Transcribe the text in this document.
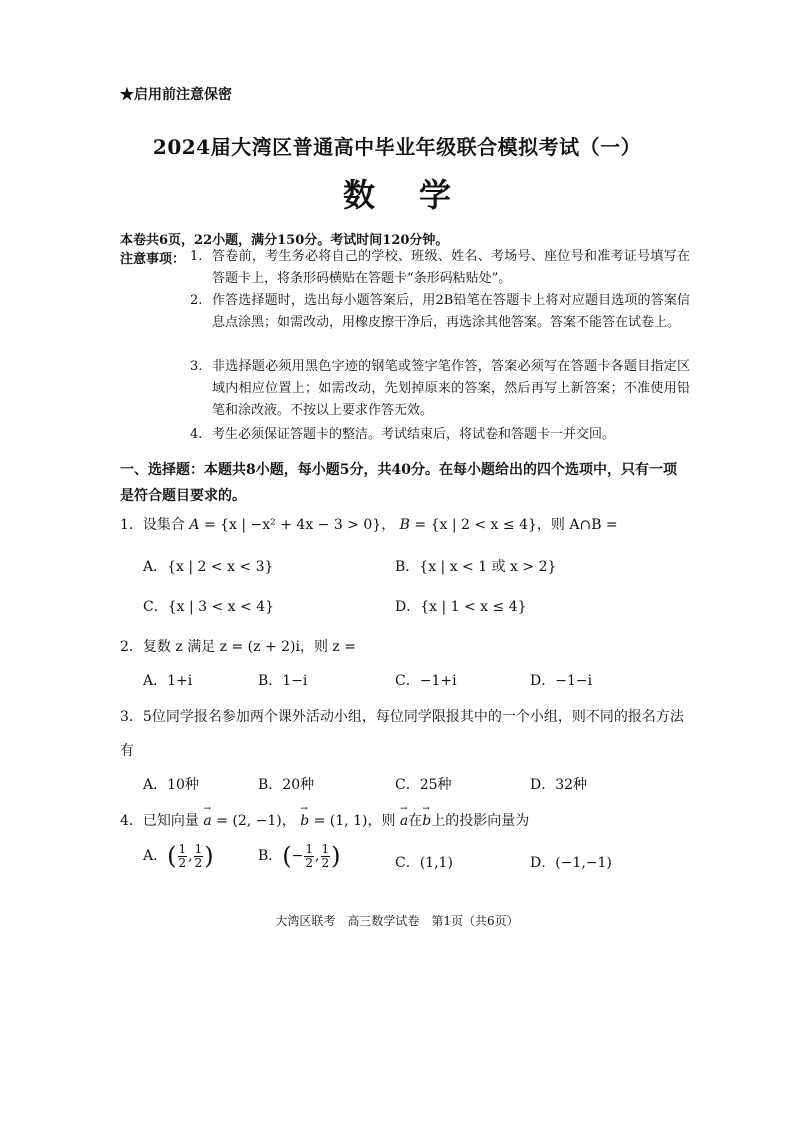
★启用前注意保密
2024届大湾区普通高中毕业年级联合模拟考试（一）
数 学
本卷共6页，22小题，满分150分。考试时间120分钟。
注意事项： 1. 答卷前，考生务必将自己的学校、班级、姓名、考场号、座位号和准考证号填写在答题卡上，将条形码横贴在答题卡“条形码粘贴处”。
2. 作答选择题时，选出每小题答案后，用2B铅笔在答题卡上将对应题目选项的答案信息点涂黑；如需改动，用橡皮擦干净后，再选涂其他答案。答案不能答在试卷上。
3. 非选择题必须用黑色字迹的钢笔或签字笔作答，答案必须写在答题卡各题目指定区域内相应位置上；如需改动，先划掉原来的答案，然后再写上新答案；不准使用铅笔和涂改液。不按以上要求作答无效。
4. 考生必须保证答题卡的整洁。考试结束后，将试卷和答题卡一并交回。
一、选择题：本题共8小题，每小题5分，共40分。在每小题给出的四个选项中，只有一项是符合题目要求的。
1．设集合 A = {x | −x² + 4x − 3 > 0}， B = {x | 2 < x ≤ 4}，则 A∩B =
A．{x | 2 < x < 3}	B．{x | x < 1 或 x > 2}
C．{x | 3 < x < 4}	D．{x | 1 < x ≤ 4}
2．复数 z 满足 z = (z + 2)i，则 z =
A．1+i	B．1−i	C．−1+i	D．−1−i
3．5位同学报名参加两个课外活动小组，每位同学限报其中的一个小组，则不同的报名方法
有
A．10种	B．20种	C．25种	D．32种
4．已知向量 → a = (2, −1)， → b = (1, 1)，则 → a在→ b上的投影向量为
A．( $\frac{1}{2}$ , $\frac{1}{2}$ )	B．(− $\frac{1}{2}$ , $\frac{1}{2}$ )	C．(1,1)	D．(−1,−1)
大湾区联考　高三数学试卷　第1页（共6页）
